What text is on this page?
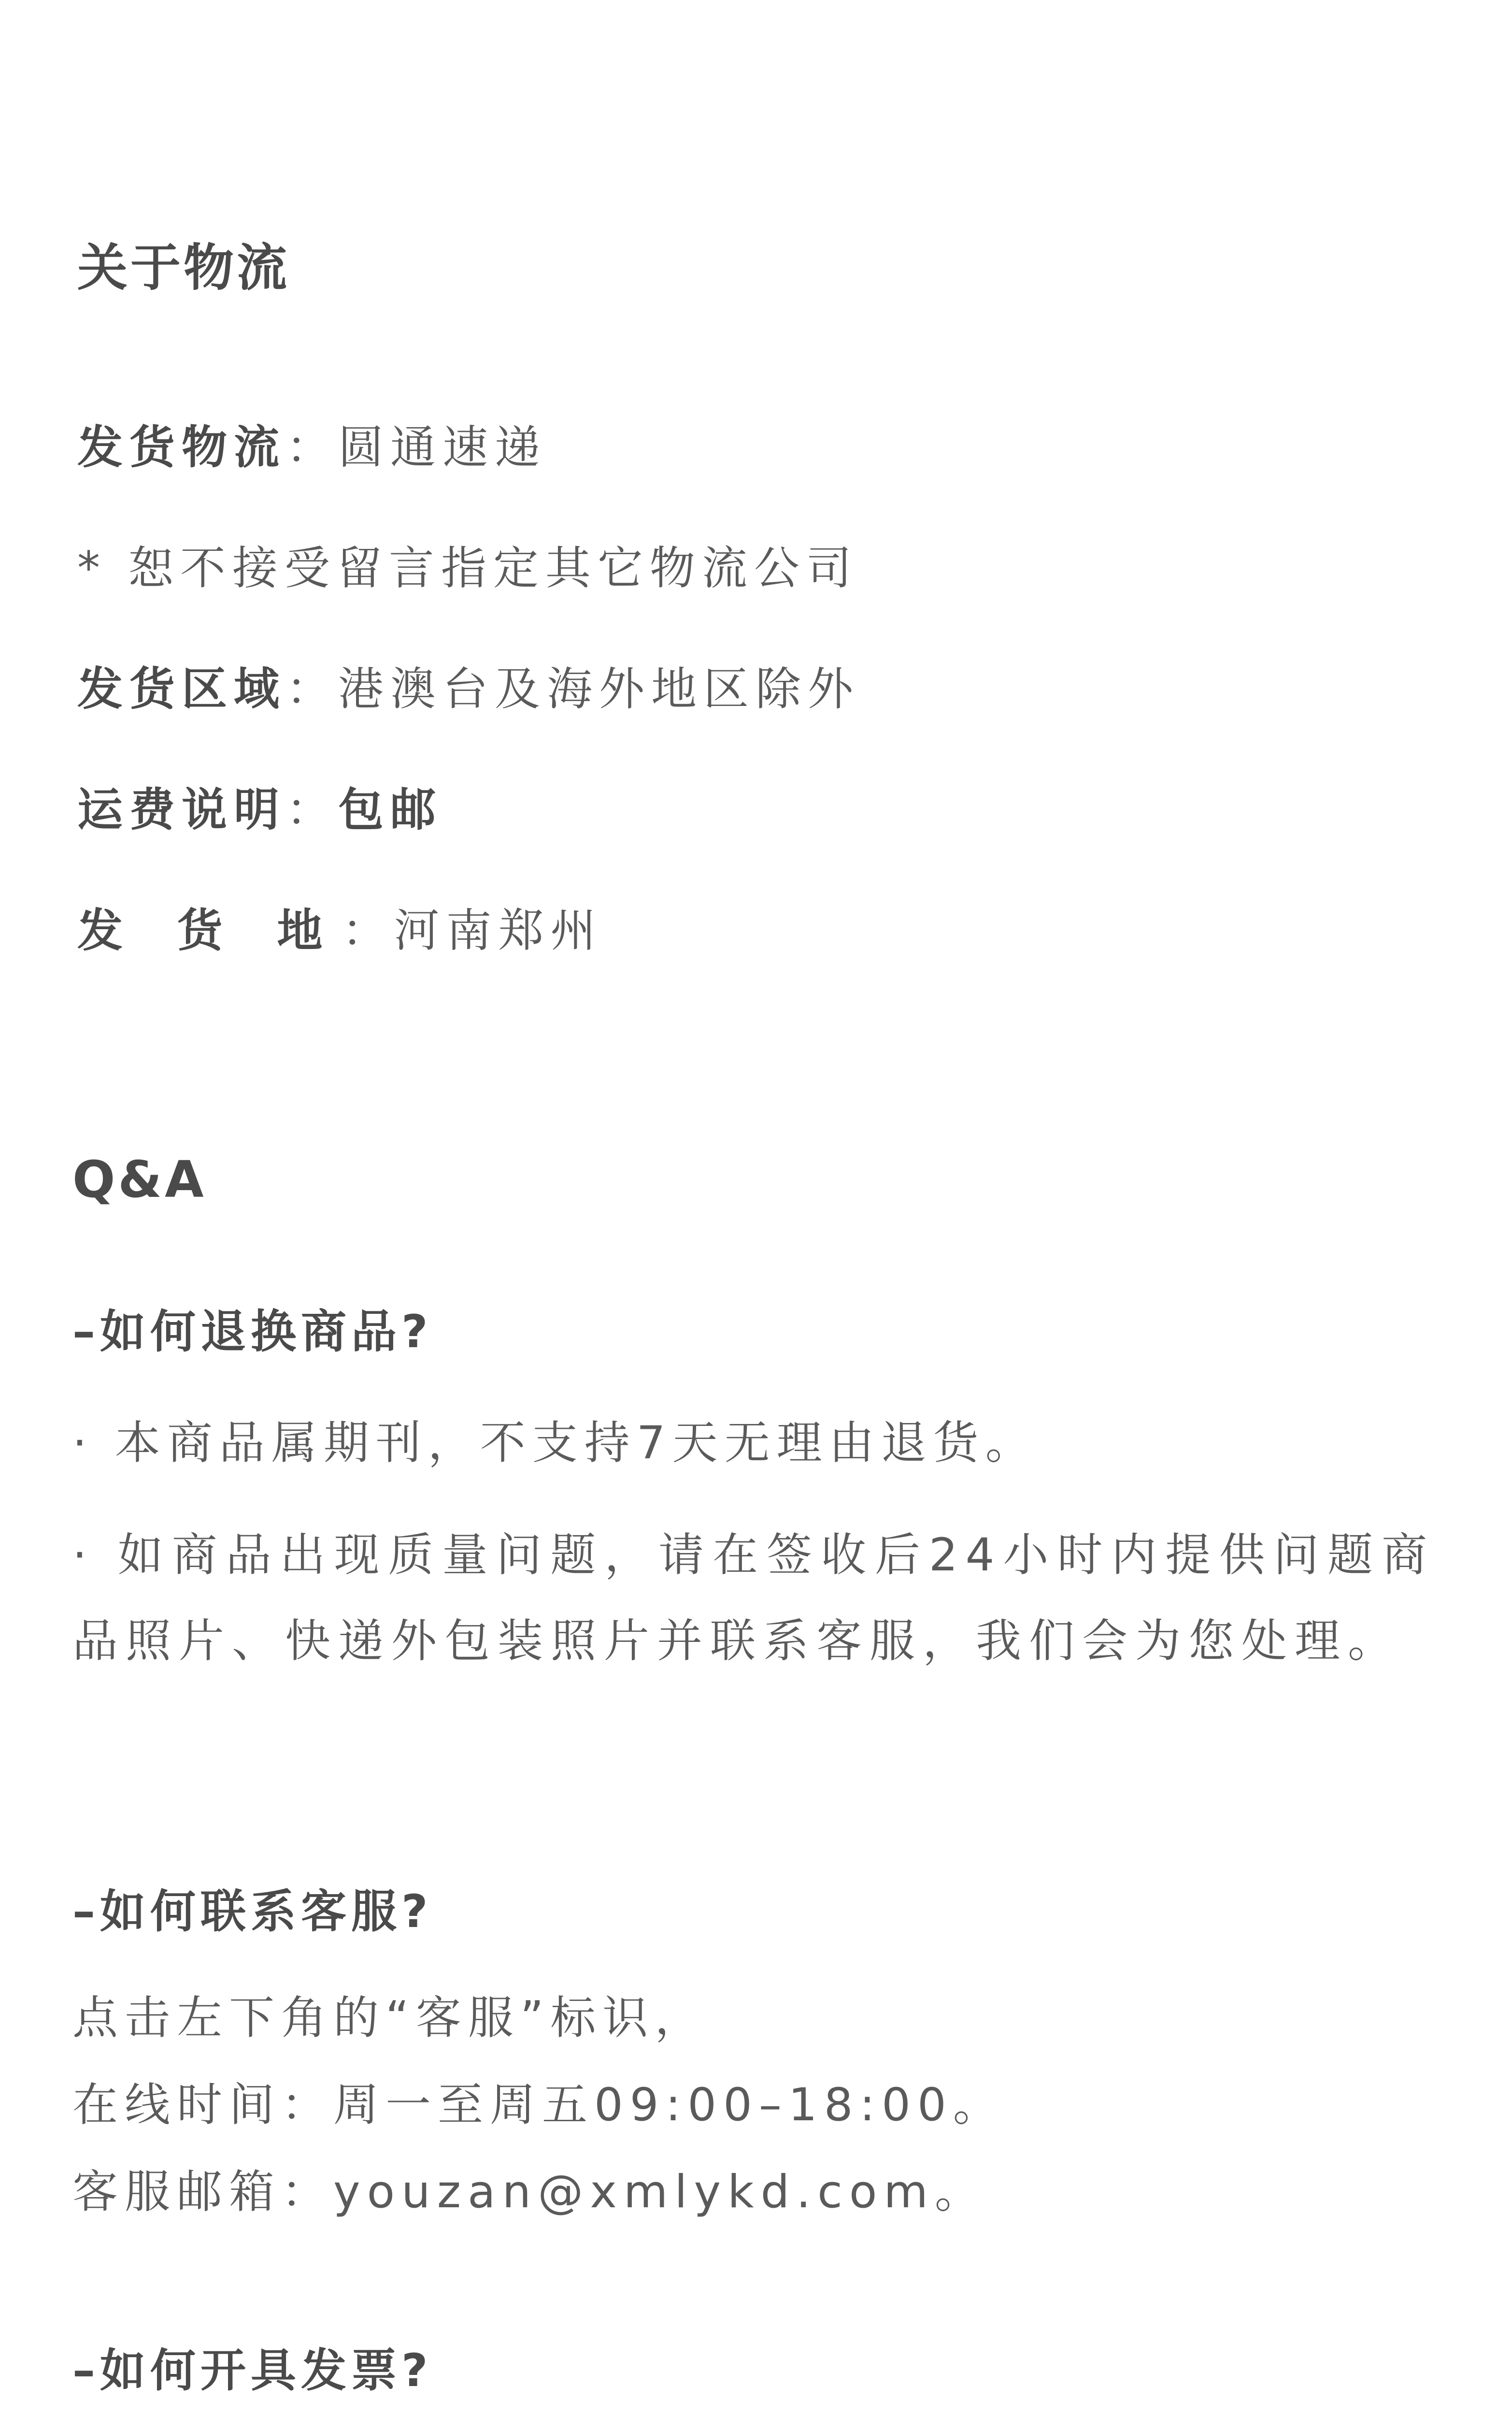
关于物流
发货物流：圆通速递
* 恕不接受留言指定其它物流公司
发货区域：港澳台及海外地区除外
运费说明：包邮
发 货 地：河南郑州
Q&A
–如何退换商品?
· 本商品属期刊，不支持7天无理由退货。
· 如商品出现质量问题，请在签收后24小时内提供问题商品照片、快递外包装照片并联系客服，我们会为您处理。
–如何联系客服?
点击左下角的“客服”标识，
在线时间：周一至周五09:00–18:00。
客服邮箱：youzan@xmlykd.com。
–如何开具发票?
